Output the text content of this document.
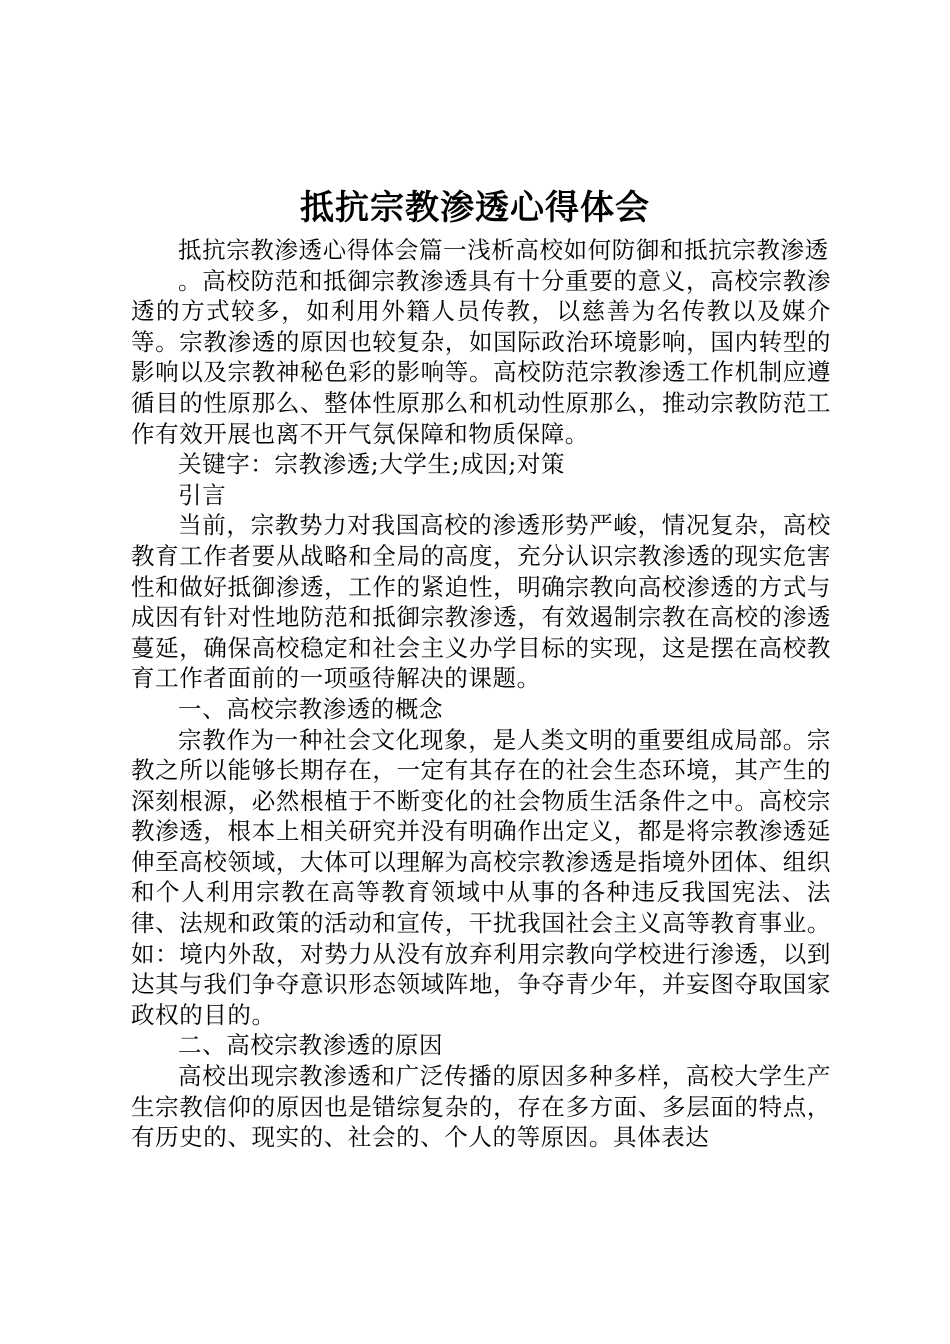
抵抗宗教渗透心得体会

抵抗宗教渗透心得体会篇一浅析高校如何防御和抵抗宗教渗透

。高校防范和抵御宗教渗透具有十分重要的意义，高校宗教渗透的方式较多，如利用外籍人员传教，以慈善为名传教以及媒介等。宗教渗透的原因也较复杂，如国际政治环境影响，国内转型的影响以及宗教神秘色彩的影响等。高校防范宗教渗透工作机制应遵循目的性原那么、整体性原那么和机动性原那么，推动宗教防范工作有效开展也离不开气氛保障和物质保障。

关键字：宗教渗透;大学生;成因;对策

引言

当前，宗教势力对我国高校的渗透形势严峻，情况复杂，高校教育工作者要从战略和全局的高度，充分认识宗教渗透的现实危害性和做好抵御渗透，工作的紧迫性，明确宗教向高校渗透的方式与成因有针对性地防范和抵御宗教渗透，有效遏制宗教在高校的渗透蔓延，确保高校稳定和社会主义办学目标的实现，这是摆在高校教育工作者面前的一项亟待解决的课题。

一、高校宗教渗透的概念

宗教作为一种社会文化现象，是人类文明的重要组成局部。宗教之所以能够长期存在，一定有其存在的社会生态环境，其产生的深刻根源，必然根植于不断变化的社会物质生活条件之中。高校宗教渗透，根本上相关研究并没有明确作出定义，都是将宗教渗透延伸至高校领域，大体可以理解为高校宗教渗透是指境外团体、组织和个人利用宗教在高等教育领域中从事的各种违反我国宪法、法律、法规和政策的活动和宣传，干扰我国社会主义高等教育事业。如：境内外敌，对势力从没有放弃利用宗教向学校进行渗透，以到达其与我们争夺意识形态领域阵地，争夺青少年，并妄图夺取国家政权的目的。

二、高校宗教渗透的原因

高校出现宗教渗透和广泛传播的原因多种多样，高校大学生产生宗教信仰的原因也是错综复杂的，存在多方面、多层面的特点，有历史的、现实的、社会的、个人的等原因。具体表达
